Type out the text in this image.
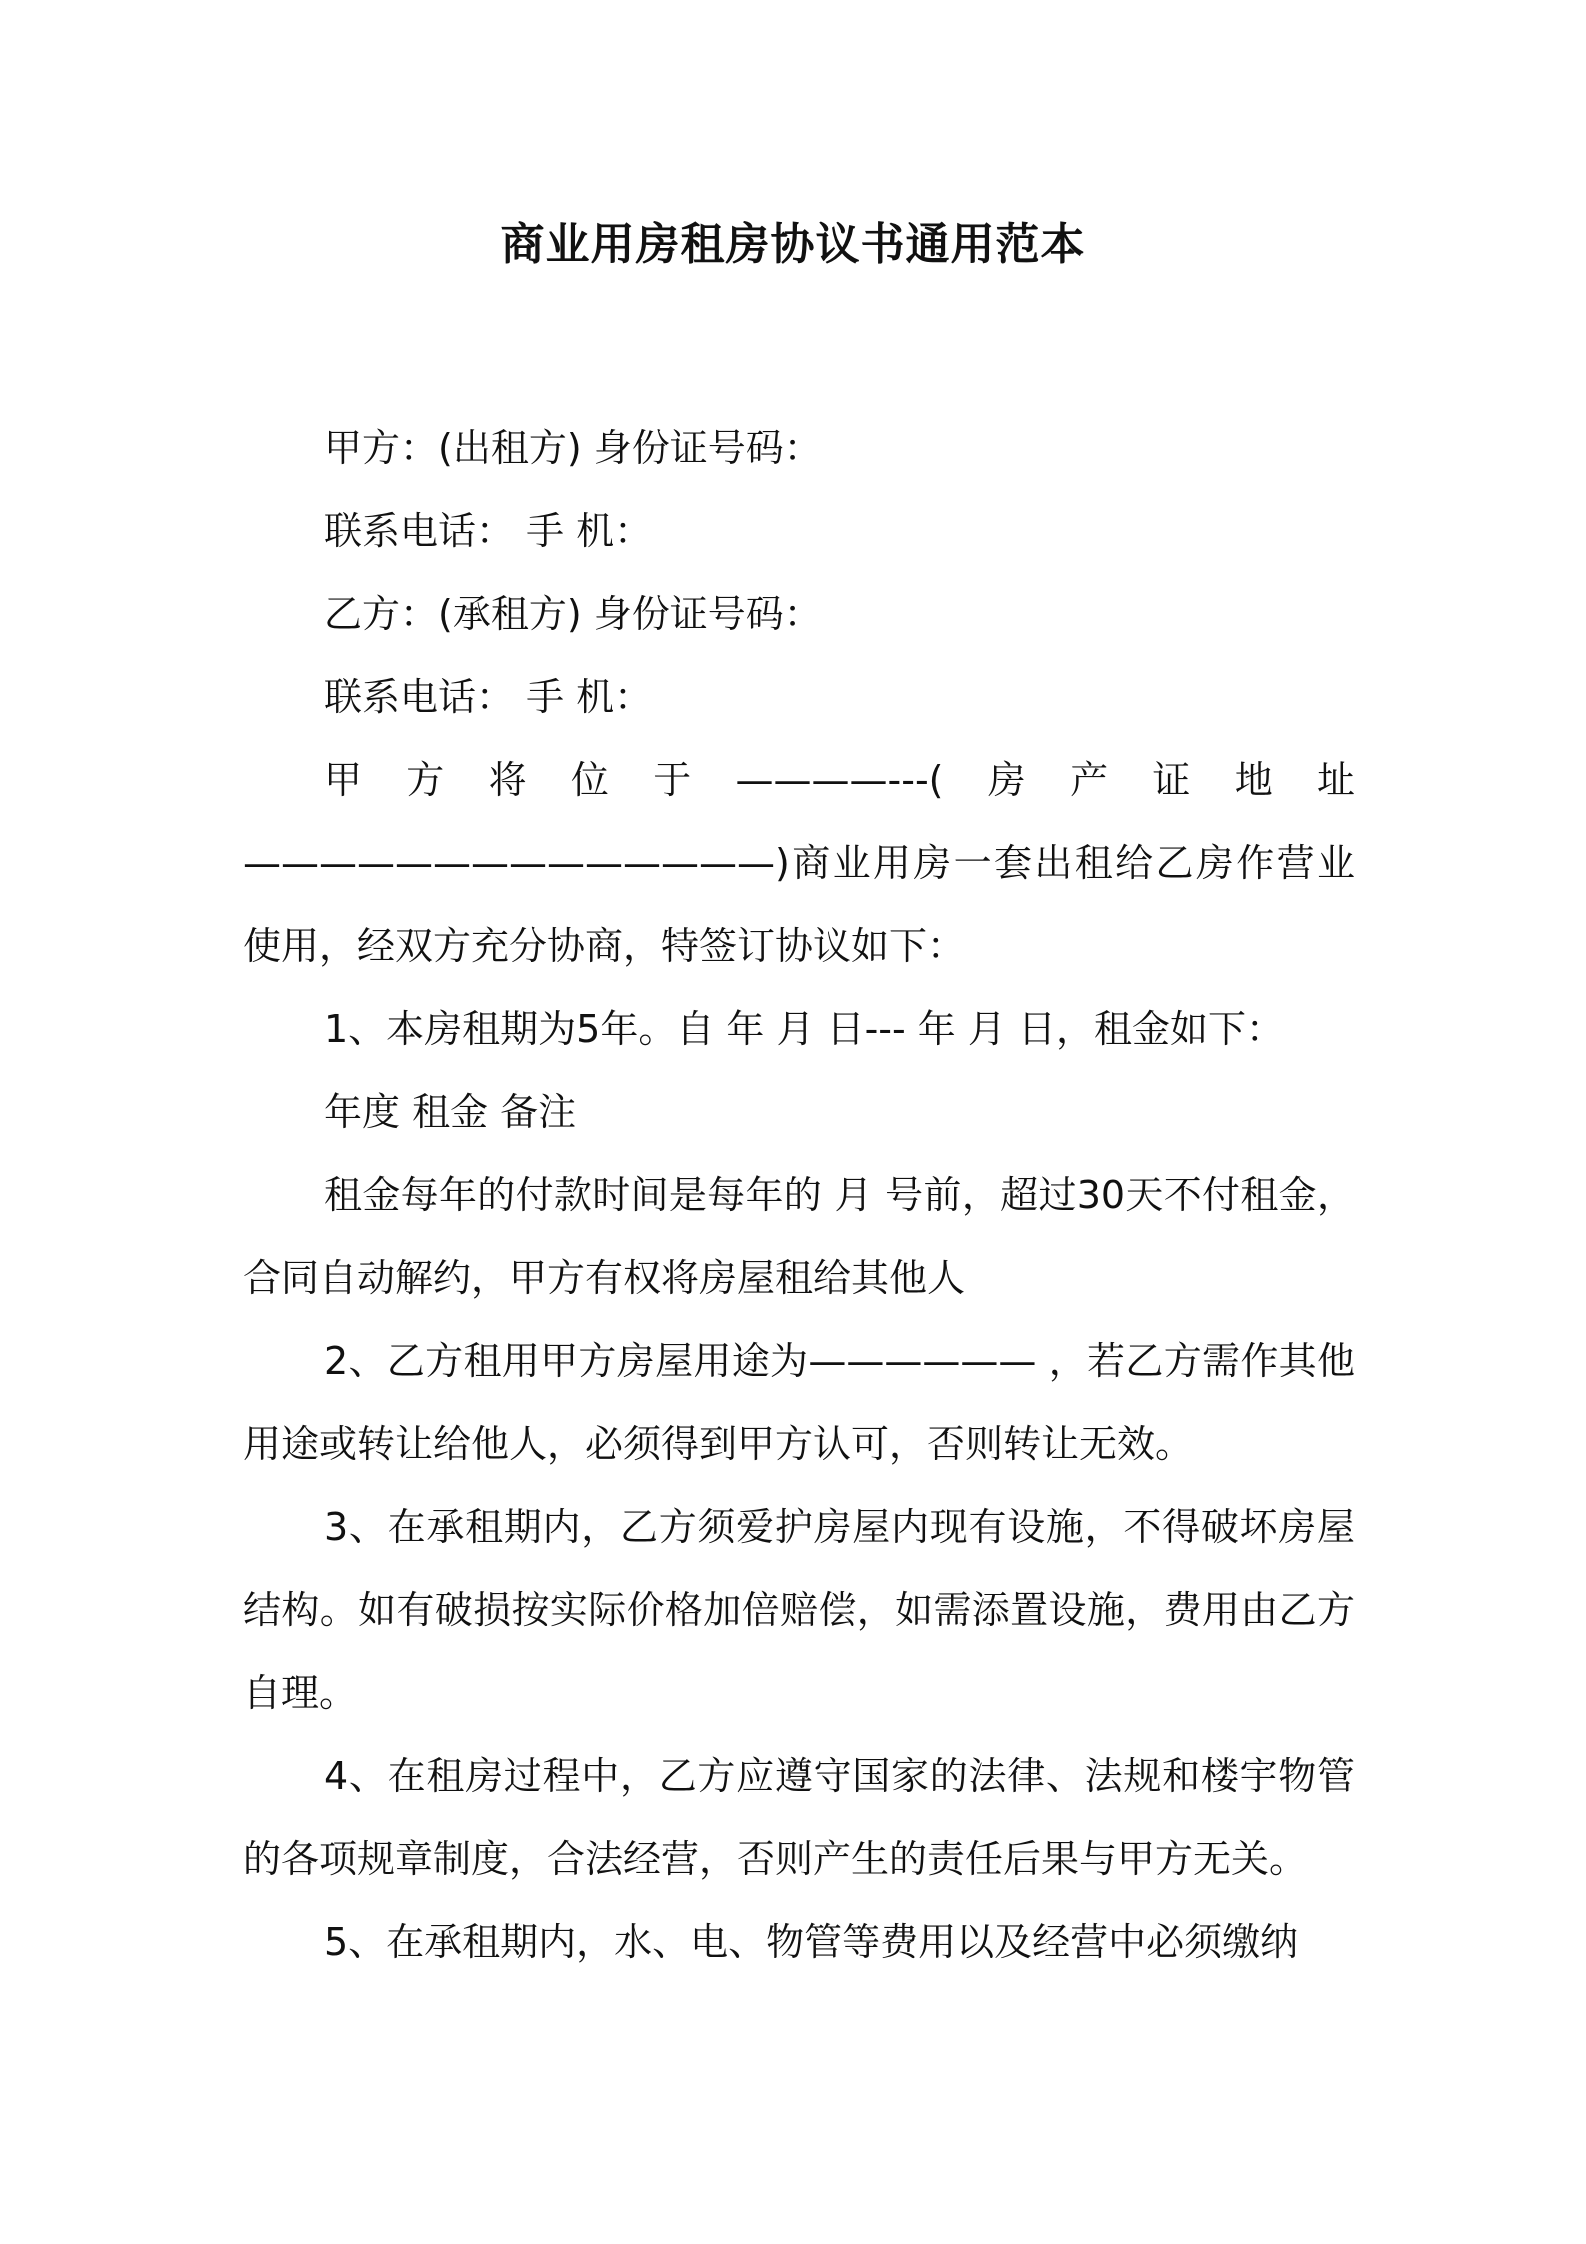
商业用房租房协议书通用范本

甲方：(出租方) 身份证号码：

联系电话： 手 机：

乙方：(承租方) 身份证号码：

联系电话： 手 机：

甲方将位于————---(房产证地址——————————————)商业用房一套出租给乙房作营业使用，经双方充分协商，特签订协议如下：

1、本房租期为5年。自 年 月 日--- 年 月 日，租金如下：

年度 租金 备注

租金每年的付款时间是每年的 月 号前，超过30天不付租金，合同自动解约，甲方有权将房屋租给其他人

2、乙方租用甲方房屋用途为—————— ，若乙方需作其他用途或转让给他人，必须得到甲方认可，否则转让无效。

3、在承租期内，乙方须爱护房屋内现有设施，不得破坏房屋结构。如有破损按实际价格加倍赔偿，如需添置设施，费用由乙方自理。

4、在租房过程中，乙方应遵守国家的法律、法规和楼宇物管的各项规章制度，合法经营，否则产生的责任后果与甲方无关。

5、在承租期内，水、电、物管等费用以及经营中必须缴纳
